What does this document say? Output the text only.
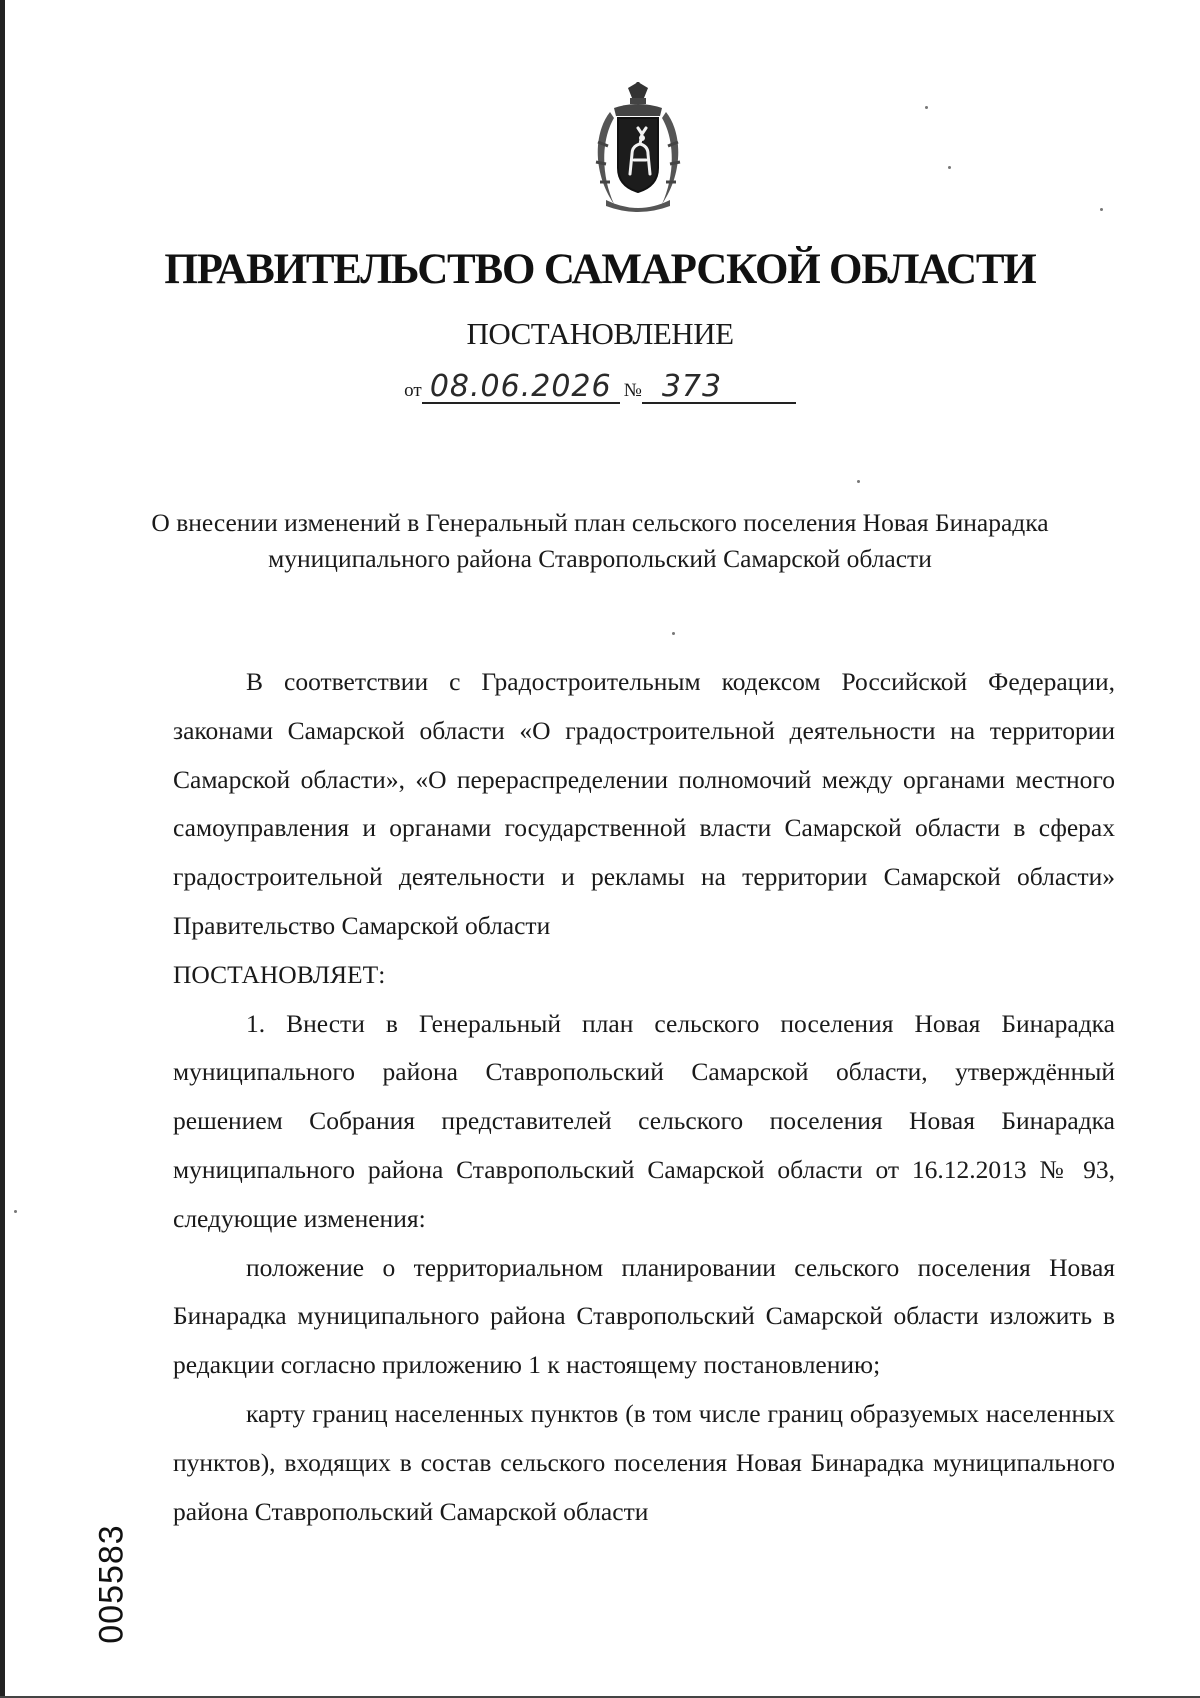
ПРАВИТЕЛЬСТВО САМАРСКОЙ ОБЛАСТИ
ПОСТАНОВЛЕНИЕ
от 08.06.2026 № 373

О внесении изменений в Генеральный план сельского поселения Новая Бинарадка муниципального района Ставропольский Самарской области

В соответствии с Градостроительным кодексом Российской Федерации, законами Самарской области «О градостроительной деятельности на территории Самарской области», «О перераспределении полномочий между органами местного самоуправления и органами государственной власти Самарской области в сферах градостроительной деятельности и рекламы на территории Самарской области» Правительство Самарской области

ПОСТАНОВЛЯЕТ:

1. Внести в Генеральный план сельского поселения Новая Бинарадка муниципального района Ставропольский Самарской области, утверждённый решением Собрания представителей сельского поселения Новая Бинарадка муниципального района Ставропольский Самарской области от 16.12.2013 № 93, следующие изменения:

положение о территориальном планировании сельского поселения Новая Бинарадка муниципального района Ставропольский Самарской области изложить в редакции согласно приложению 1 к настоящему постановлению;

карту границ населенных пунктов (в том числе границ образуемых населенных пунктов), входящих в состав сельского поселения Новая Бинарадка муниципального района Ставропольский Самарской области

005583
